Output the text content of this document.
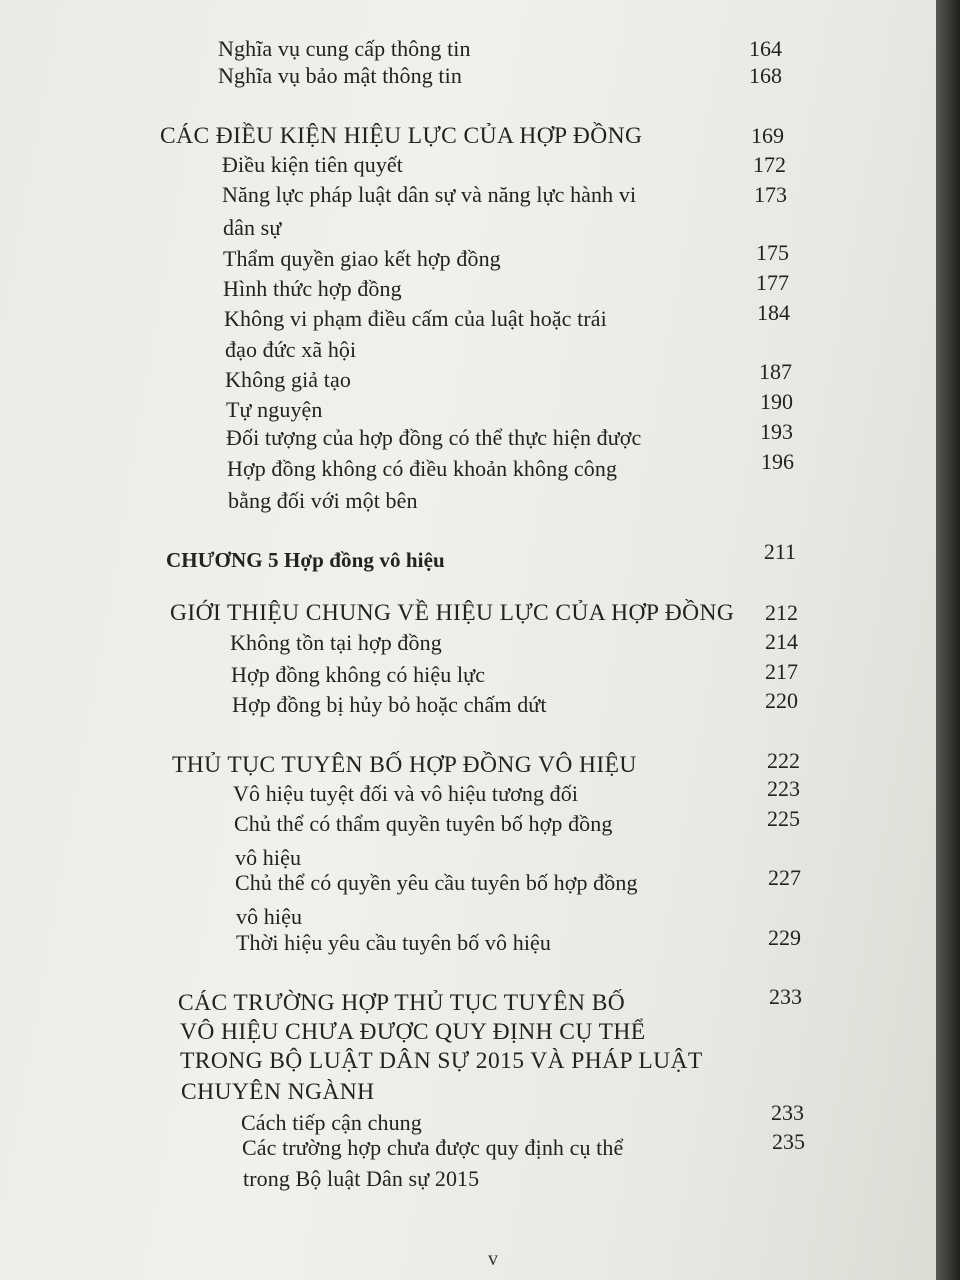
Nghĩa vụ cung cấp thông tin	164
Nghĩa vụ bảo mật thông tin	168
CÁC ĐIỀU KIỆN HIỆU LỰC CỦA HỢP ĐỒNG	169
Điều kiện tiên quyết	172
Năng lực pháp luật dân sự và năng lực hành vi	173
dân sự
Thẩm quyền giao kết hợp đồng	175
Hình thức hợp đồng	177
Không vi phạm điều cấm của luật hoặc trái	184
đạo đức xã hội
Không giả tạo	187
Tự nguyện	190
Đối tượng của hợp đồng có thể thực hiện được	193
Hợp đồng không có điều khoản không công	196
bằng đối với một bên
CHƯƠNG 5 Hợp đồng vô hiệu	211
GIỚI THIỆU CHUNG VỀ HIỆU LỰC CỦA HỢP ĐỒNG	212
Không tồn tại hợp đồng	214
Hợp đồng không có hiệu lực	217
Hợp đồng bị hủy bỏ hoặc chấm dứt	220
THỦ TỤC TUYÊN BỐ HỢP ĐỒNG VÔ HIỆU	222
Vô hiệu tuyệt đối và vô hiệu tương đối	223
Chủ thể có thẩm quyền tuyên bố hợp đồng	225
vô hiệu
Chủ thể có quyền yêu cầu tuyên bố hợp đồng	227
vô hiệu
Thời hiệu yêu cầu tuyên bố vô hiệu	229
CÁC TRƯỜNG HỢP THỦ TỤC TUYÊN BỐ	233
VÔ HIỆU CHƯA ĐƯỢC QUY ĐỊNH CỤ THỂ
TRONG BỘ LUẬT DÂN SỰ 2015 VÀ PHÁP LUẬT
CHUYÊN NGÀNH
Cách tiếp cận chung	233
Các trường hợp chưa được quy định cụ thể	235
trong Bộ luật Dân sự 2015
v
